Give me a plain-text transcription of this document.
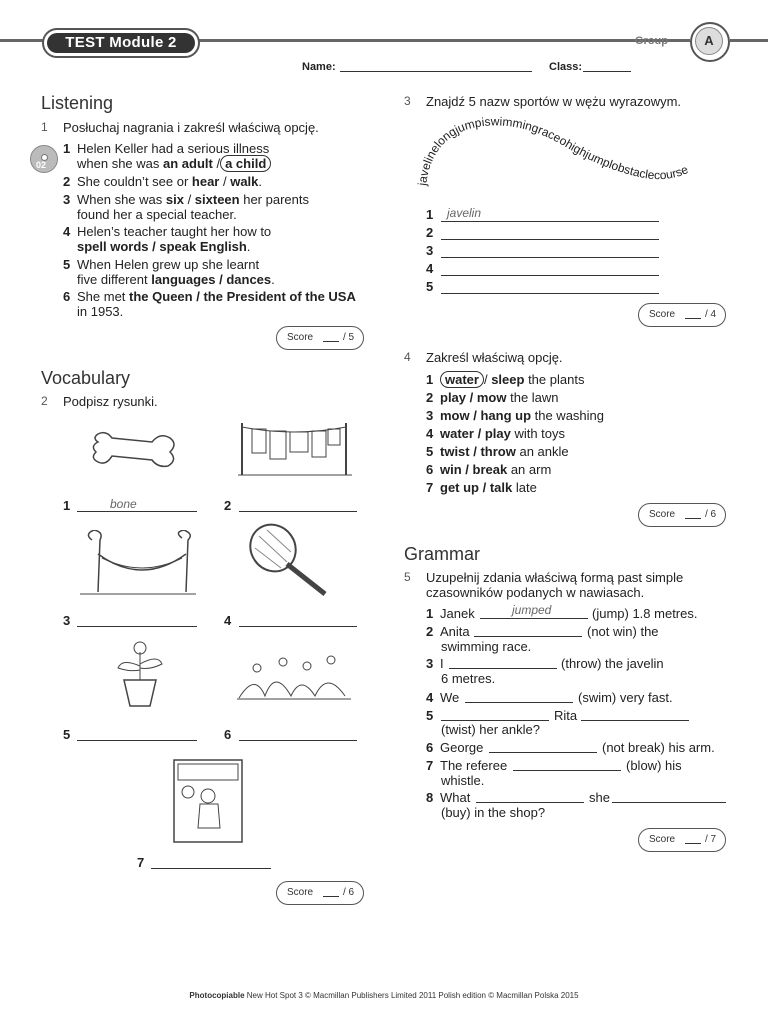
TEST Module 2	Group	A
Name:	Class:
Listening
1 Posłuchaj nagrania i zakreśl właściwą opcję.
02
1 Helen Keller had a serious illness
when she was an adult / a child
2 She couldn’t see or hear / walk.
3 When she was six / sixteen her parents
found her a special teacher.
4 Helen’s teacher taught her how to
spell words / speak English.
5 When Helen grew up she learnt
five different languages / dances.
6 She met the Queen / the President of the USA
in 1953.
Score	/ 5
Vocabulary
2 Podpisz rysunki.
1	bone	2
3	4
5	6
7
Score	/ 6
3 Znajdź 5 nazw sportów w wężu wyrazowym.
javelinelongjumpiswimmingraceohighjumplobstaclecourse
1 javelin
2
3
4
5
Score	/ 4
4 Zakreśl właściwą opcję.
1 water / sleep the plants
2 play / mow the lawn
3 mow / hang up the washing
4 water / play with toys
5 twist / throw an ankle
6 win / break an arm
7 get up / talk late
Score	/ 6
Grammar
5 Uzupełnij zdania właściwą formą past simple
czasowników podanych w nawiasach.
1 Janek	jumped	(jump) 1.8 metres.
2 Anita	(not win) the
swimming race.
3 I	(throw) the javelin
6 metres.
4 We	(swim) very fast.
5	Rita
(twist) her ankle?
6 George	(not break) his arm.
7 The referee	(blow) his
whistle.
8 What	she
(buy) in the shop?
Score	/ 7
Photocopiable New Hot Spot 3 © Macmillan Publishers Limited 2011 Polish edition © Macmillan Polska 2015
